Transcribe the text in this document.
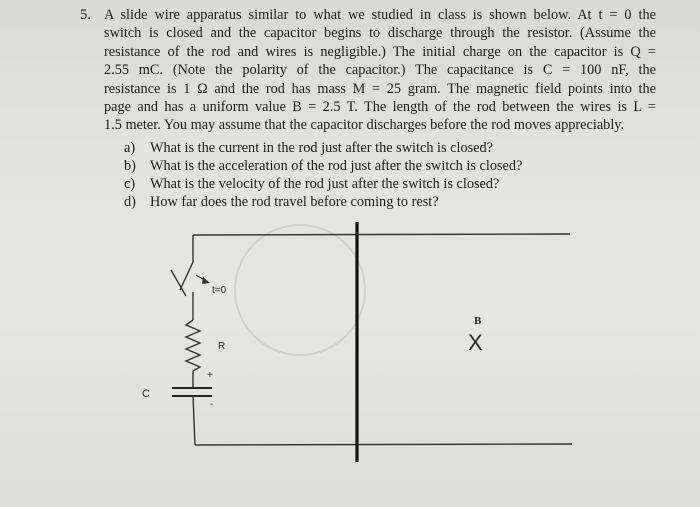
5. A slide wire apparatus similar to what we studied in class is shown below. At t = 0 the
switch is closed and the capacitor begins to discharge through the resistor. (Assume the
resistance of the rod and wires is negligible.) The initial charge on the capacitor is Q =
2.55 mC. (Note the polarity of the capacitor.) The capacitance is C = 100 nF, the
resistance is 1 Ω and the rod has mass M = 25 gram. The magnetic field points into the
page and has a uniform value B = 2.5 T. The length of the rod between the wires is L =
1.5 meter. You may assume that the capacitor discharges before the rod moves appreciably.
a) What is the current in the rod just after the switch is closed?
b) What is the acceleration of the rod just after the switch is closed?
c) What is the velocity of the rod just after the switch is closed?
d) How far does the rod travel before coming to rest?
t=0
R
+
-
C
B
X
